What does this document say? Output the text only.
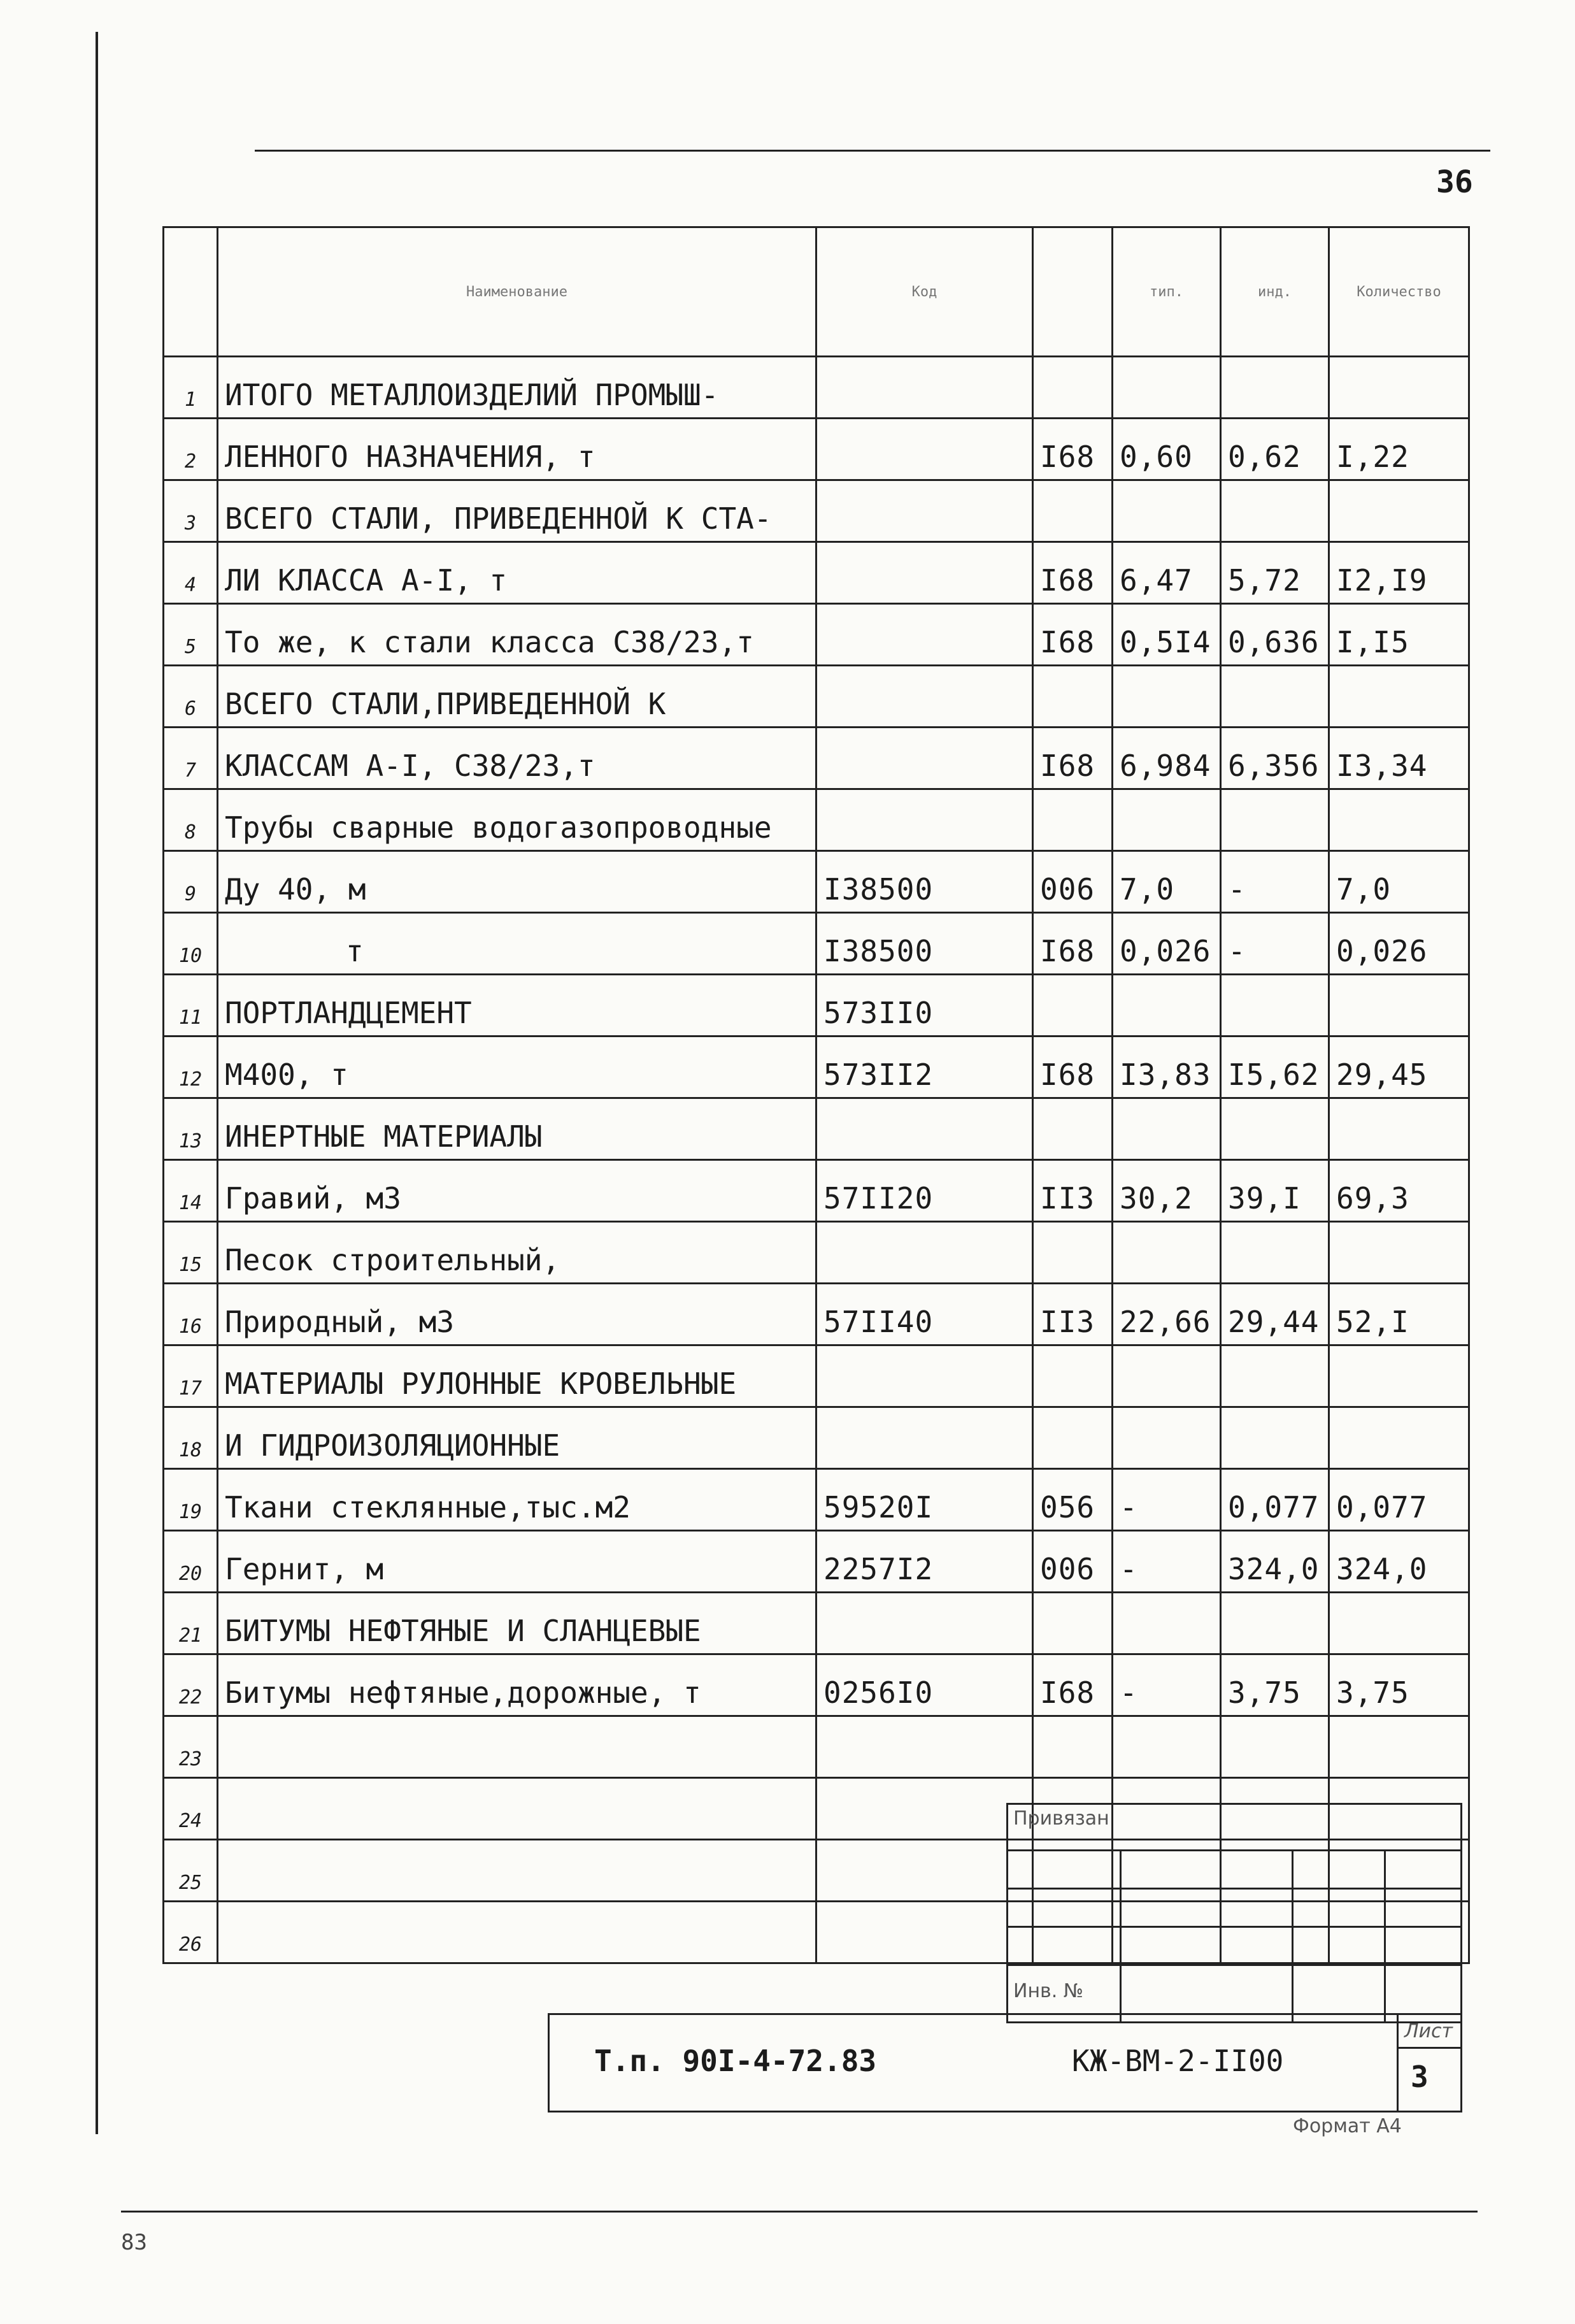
36
83
	Наименование	Код		тип.	инд.	Количество
1	ИТОГО МЕТАЛЛОИЗДЕЛИЙ ПРОМЫШ-					
2	ЛЕННОГО НАЗНАЧЕНИЯ, т		I68	0,60	0,62	I,22
3	ВСЕГО СТАЛИ, ПРИВЕДЕННОЙ К СТА-					
4	ЛИ КЛАССА А-I, т		I68	6,47	5,72	I2,I9
5	То же, к стали класса С38/23,т		I68	0,5I4	0,636	I,I5
6	ВСЕГО СТАЛИ,ПРИВЕДЕННОЙ К					
7	КЛАССАМ А-I, С38/23,т		I68	6,984	6,356	I3,34
8	Трубы сварные водогазопроводные					
9	Ду 40, м	I38500	006	7,0	-	7,0
10	т	I38500	I68	0,026	-	0,026
11	ПОРТЛАНДЦЕМЕНТ	573II0				
12	М400, т	573II2	I68	I3,83	I5,62	29,45
13	ИНЕРТНЫЕ МАТЕРИАЛЫ					
14	Гравий, м3	57II20	II3	30,2	39,I	69,3
15	Песок строительный,					
16	Природный, м3	57II40	II3	22,66	29,44	52,I
17	МАТЕРИАЛЫ РУЛОННЫЕ КРОВЕЛЬНЫЕ					
18	И ГИДРОИЗОЛЯЦИОННЫЕ					
19	Ткани стеклянные,тыс.м2	59520I	056	-	0,077	0,077
20	Гернит, м	2257I2	006	-	324,0	324,0
21	БИТУМЫ НЕФТЯНЫЕ И СЛАНЦЕВЫЕ					
22	Битумы нефтяные,дорожные, т	0256I0	I68	-	3,75	3,75
23						
24						
25						
26						
Привязан
Инв. №
Т.п. 90I-4-72.83	КЖ-ВМ-2-II00
Лист
3
Формат А4
